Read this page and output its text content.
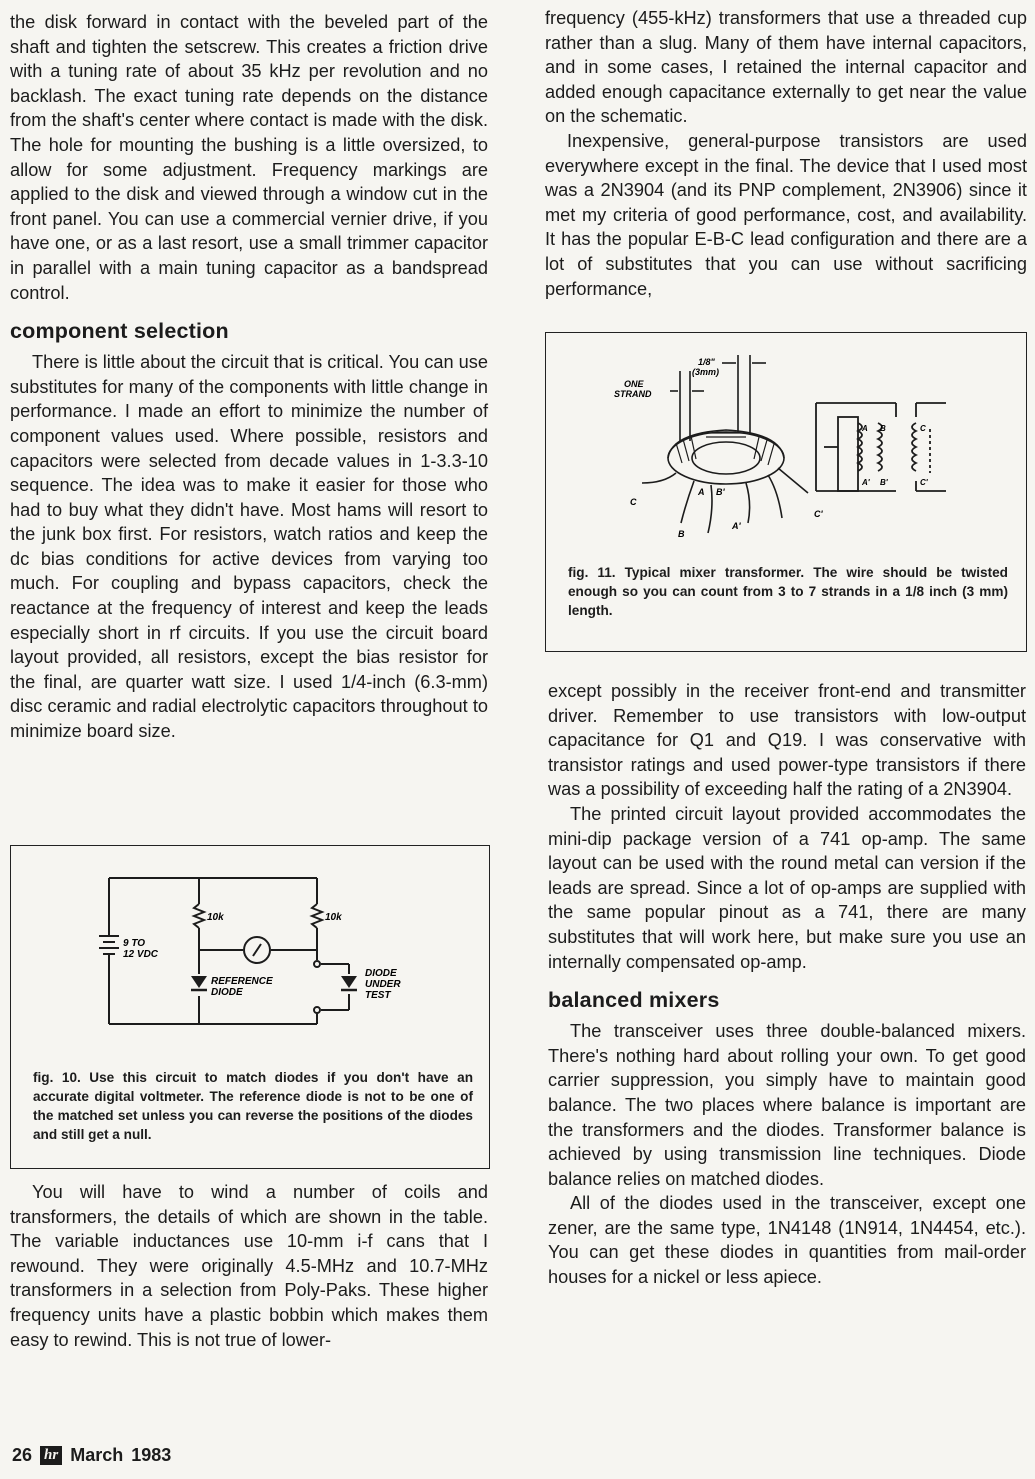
the disk forward in contact with the beveled part of the shaft and tighten the setscrew. This creates a friction drive with a tuning rate of about 35 kHz per revolution and no backlash. The exact tuning rate depends on the distance from the shaft's center where contact is made with the disk. The hole for mounting the bushing is a little oversized, to allow for some adjustment. Frequency markings are applied to the disk and viewed through a window cut in the front panel. You can use a commercial vernier drive, if you have one, or as a last resort, use a small trimmer capacitor in parallel with a main tuning capacitor as a bandspread control.

component selection

There is little about the circuit that is critical. You can use substitutes for many of the components with little change in performance. I made an effort to minimize the number of component values used. Where possible, resistors and capacitors were selected from decade values in 1-3.3-10 sequence. The idea was to make it easier for those who had to buy what they didn't have. Most hams will resort to the junk box first. For resistors, watch ratios and keep the dc bias conditions for active devices from varying too much. For coupling and bypass capacitors, check the reactance at the frequency of interest and keep the leads especially short in rf circuits. If you use the circuit board layout provided, all resistors, except the bias resistor for the final, are quarter watt size. I used 1/4-inch (6.3-mm) disc ceramic and radial electrolytic capacitors throughout to minimize board size.

10k	10k
9 TO
12 VDC
REFERENCE
DIODE
DIODE
UNDER
TEST
fig. 10. Use this circuit to match diodes if you don't have an accurate digital voltmeter. The reference diode is not to be one of the matched set unless you can reverse the positions of the diodes and still get a null.

You will have to wind a number of coils and transformers, the details of which are shown in the table. The variable inductances use 10-mm i-f cans that I rewound. They were originally 4.5-MHz and 10.7-MHz transformers in a selection from Poly-Paks. These higher frequency units have a plastic bobbin which makes them easy to rewind. This is not true of lower-

frequency (455-kHz) transformers that use a threaded cup rather than a slug. Many of them have internal capacitors, and in some cases, I retained the internal capacitor and added enough capacitance externally to get near the value on the schematic.

Inexpensive, general-purpose transistors are used everywhere except in the final. The device that I used most was a 2N3904 (and its PNP complement, 2N3906) since it met my criteria of good performance, cost, and availability. It has the popular E-B-C lead configuration and there are a lot of substitutes that you can use without sacrificing performance,

1/8"
(3mm)
ONE
STRAND
A B'
C
C'
B
A'
A B	C
A' B'	C'
fig. 11. Typical mixer transformer. The wire should be twisted enough so you can count from 3 to 7 strands in a 1/8 inch (3 mm) length.

except possibly in the receiver front-end and transmitter driver. Remember to use transistors with low-output capacitance for Q1 and Q19. I was conservative with transistor ratings and used power-type transistors if there was a possibility of exceeding half the rating of a 2N3904.

The printed circuit layout provided accommodates the mini-dip package version of a 741 op-amp. The same layout can be used with the round metal can version if the leads are spread. Since a lot of op-amps are supplied with the same popular pinout as a 741, there are many substitutes that will work here, but make sure you use an internally compensated op-amp.

balanced mixers

The transceiver uses three double-balanced mixers. There's nothing hard about rolling your own. To get good carrier suppression, you simply have to maintain good balance. The two places where balance is important are the transformers and the diodes. Transformer balance is achieved by using transmission line techniques. Diode balance relies on matched diodes.

All of the diodes used in the transceiver, except one zener, are the same type, 1N4148 (1N914, 1N4454, etc.). You can get these diodes in quantities from mail-order houses for a nickel or less apiece.

26 hr March 1983
